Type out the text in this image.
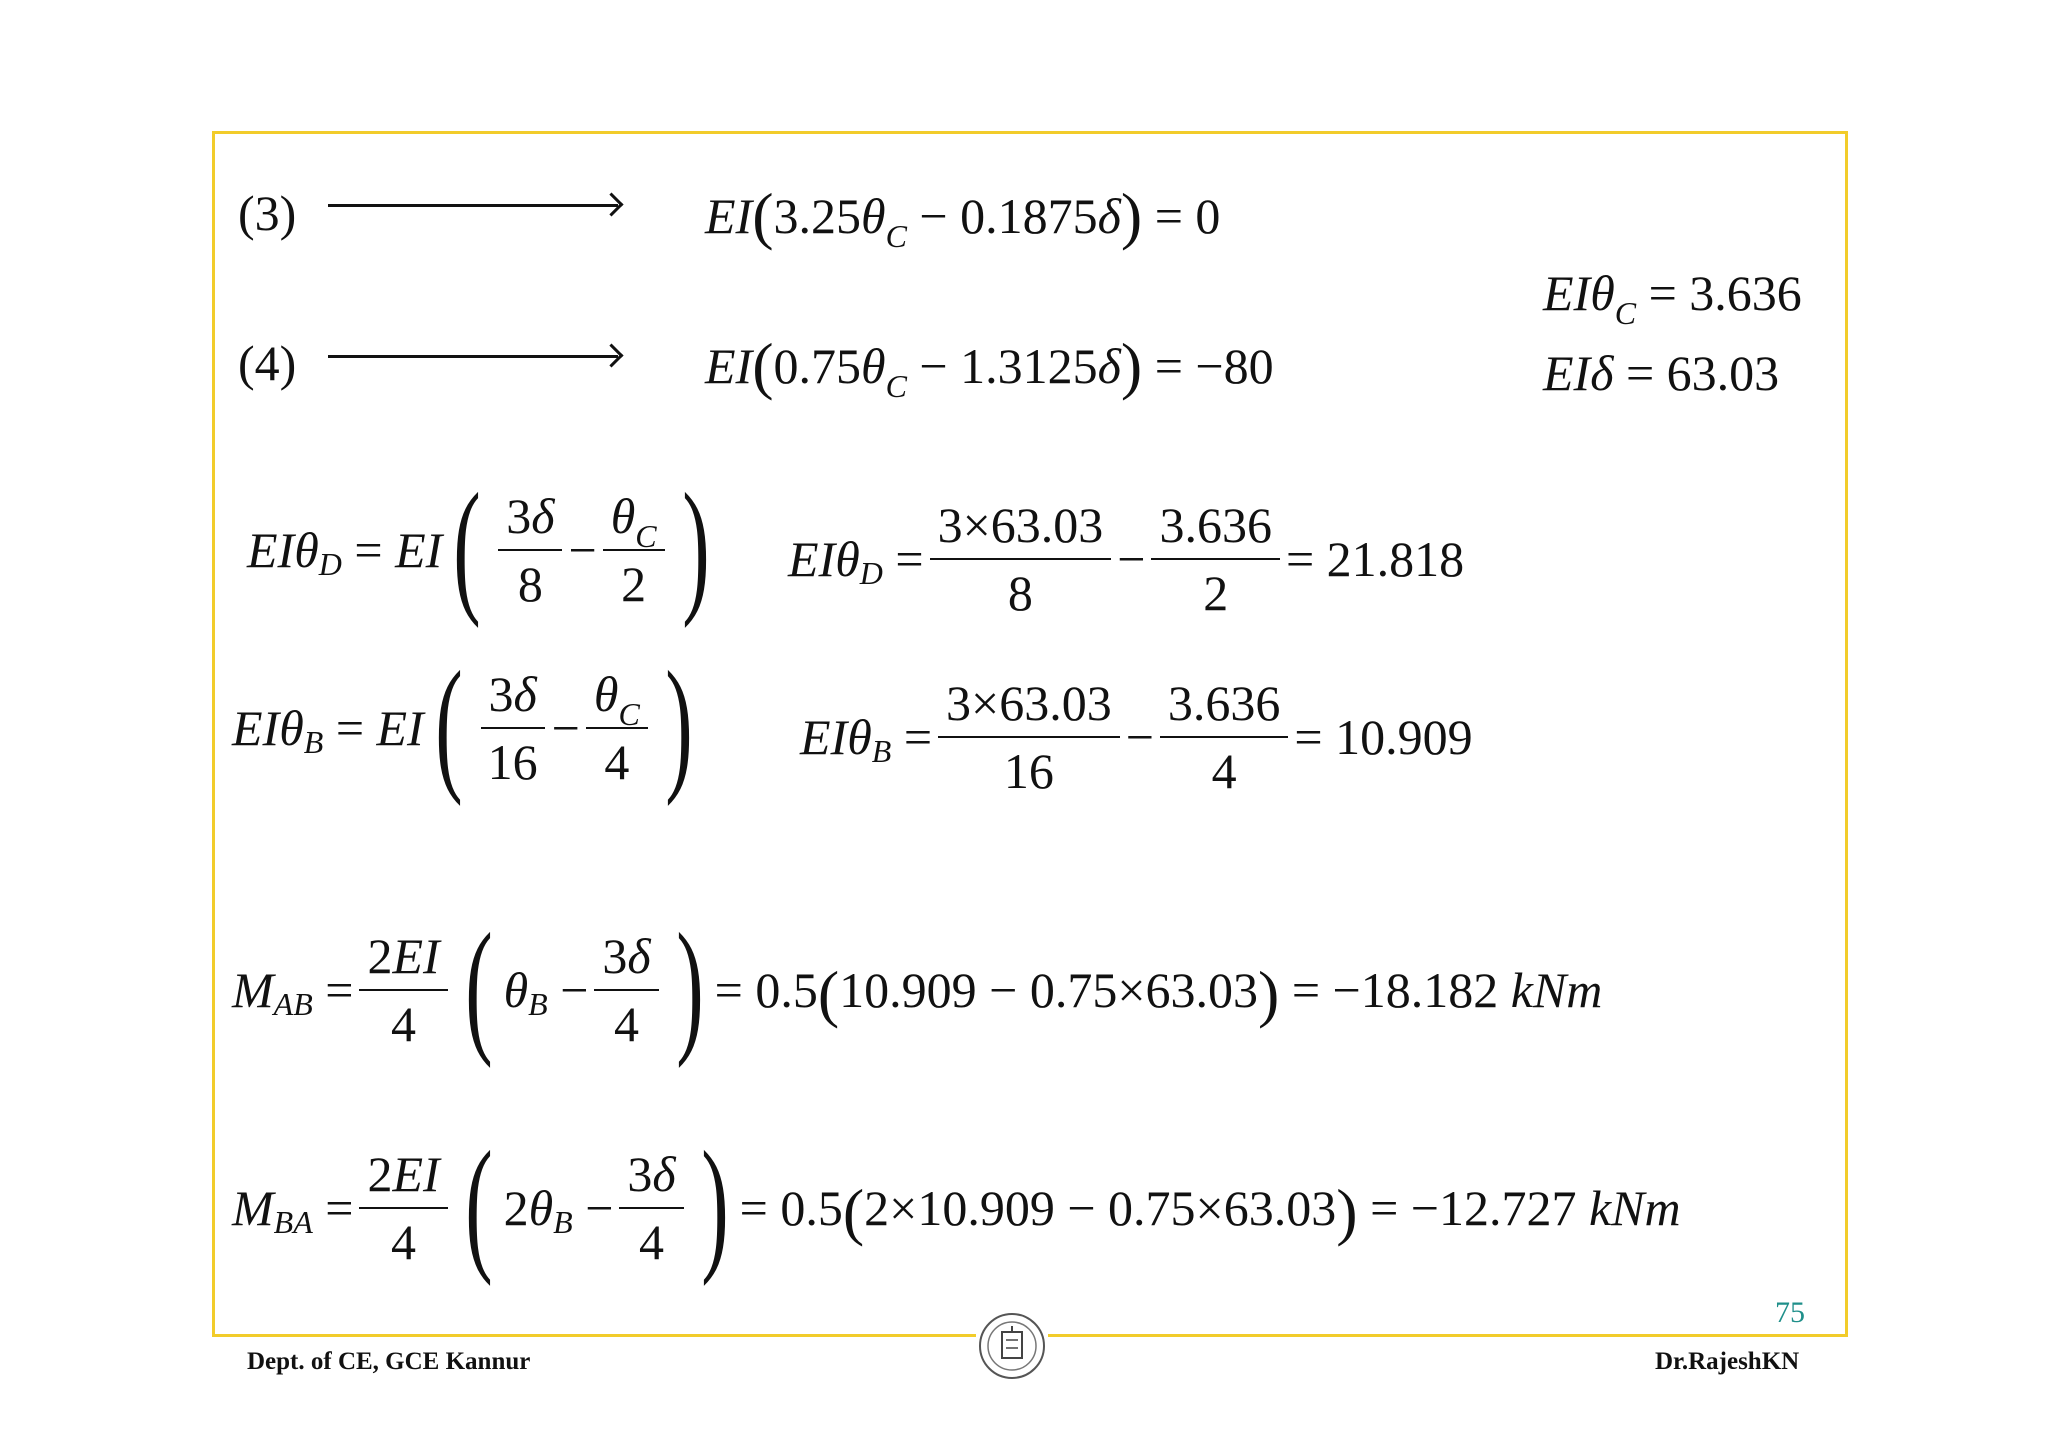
(3)	$EI(3.25\theta_C - 0.1875\delta) = 0$
EIθ$_C$ = 3.636
EIδ = 63.03
(4)	$EI(0.75\theta_C - 1.3125\delta) = -80$
$EI\theta_D = EI( \frac{3\delta}{8} - \frac{\theta_C}{2}$ ) $EI\theta_D = \frac{3\times 63.03}{8} - \frac{3.636}{2} = 21.818$
$EI\theta_B = EI( \frac{3\delta}{16} - \frac{\theta_C}{4}$ ) $EI\theta_B = \frac{3\times 63.03}{16} - \frac{3.636}{4} = 10.909$
$M_{AB} = \frac{2EI}{4}$ ( $\theta_B - \frac{3\delta}{4}$ ) = 0.5(10.909 − 0.75×63.03) = −18.182 kNm
$M_{BA} = \frac{2EI}{4}$ ( $2\theta_B - \frac{3\delta}{4}$ ) = 0.5(2×10.909 − 0.75×63.03) = −12.727 kNm
75
Dept. of CE, GCE Kannur	Dr.RajeshKN
